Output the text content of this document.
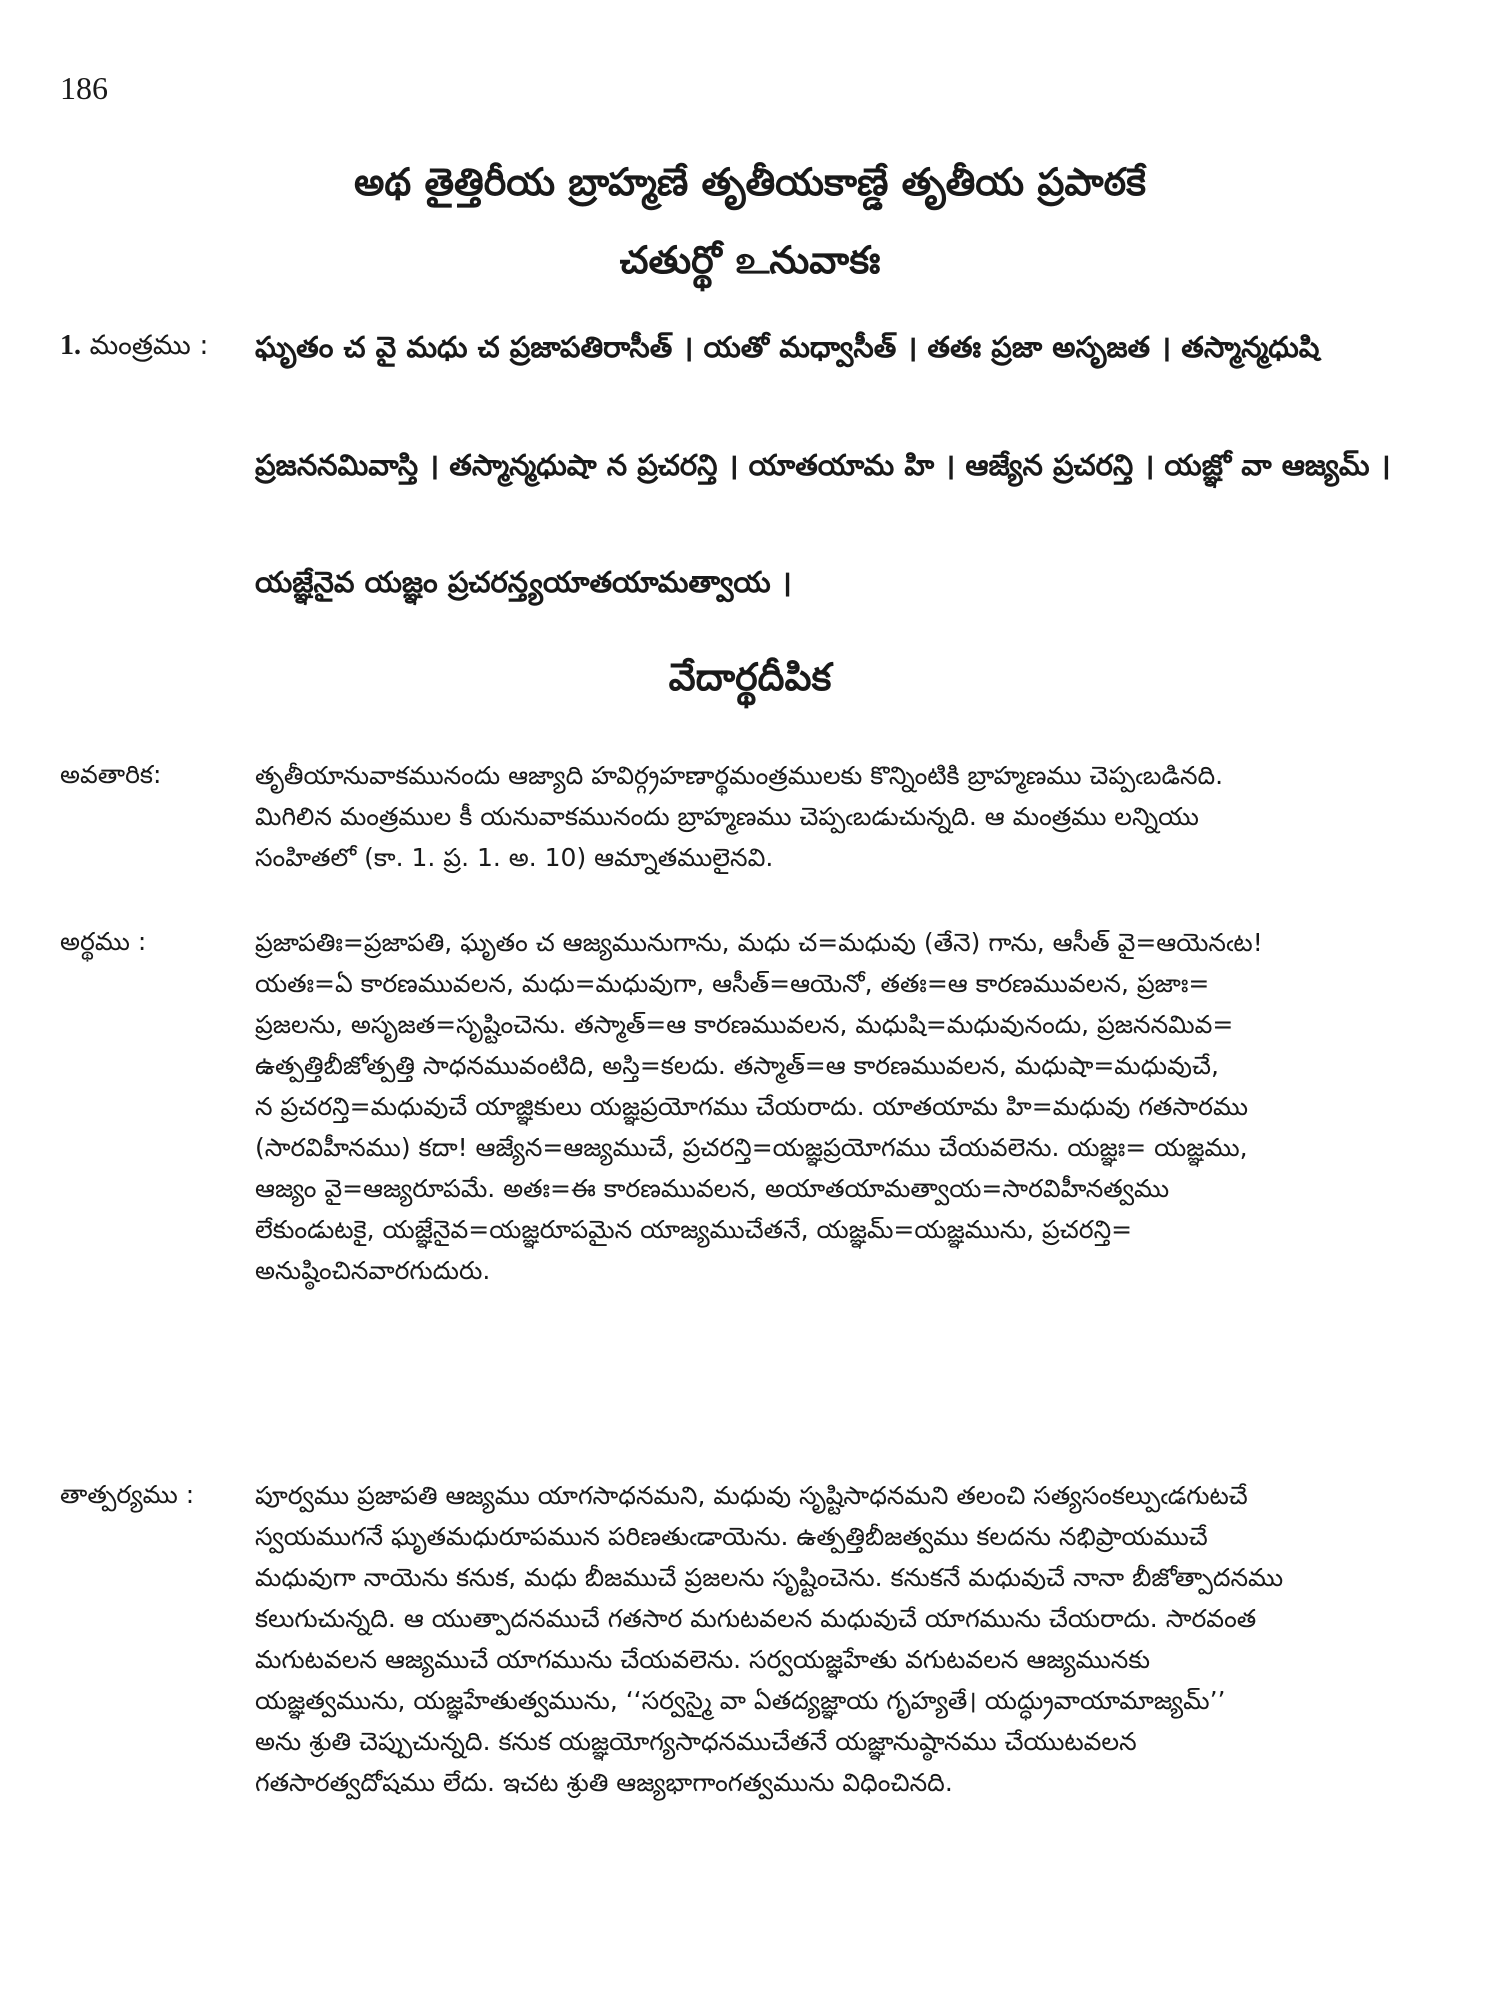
186
అథ తైత్తిరీయ బ్రాహ్మణే తృతీయకాణ్డే తృతీయ ప్రపాఠకే
చతుర్థో உనువాకః
1. మంత్రము : ఘృతం చ వై మధు చ ప్రజాపతిరాసీత్ । యతో మధ్వాసీత్ । తతః ప్రజా అసృజత । తస్మాన్మధుషి
ప్రజననమివాస్తి । తస్మాన్మధుషా న ప్రచరన్తి । యాతయామ హి । ఆజ్యేన ప్రచరన్తి । యజ్ఞో వా ఆజ్యమ్ ।
యజ్ఞేనైవ యజ్ఞం ప్రచరన్త్యయాతయామత్వాయ ।
వేదార్థదీపిక
అవతారిక:	తృతీయానువాకమునందు ఆజ్యాది హవిర్గ్రహణార్థమంత్రములకు కొన్నింటికి బ్రాహ్మణము చెప్పఁబడినది.
మిగిలిన మంత్రముల కీ యనువాకమునందు బ్రాహ్మణము చెప్పఁబడుచున్నది. ఆ మంత్రము లన్నియు
సంహితలో (కా. 1. ప్ర. 1. అ. 10) ఆమ్నాతములైనవి.
అర్థము :	ప్రజాపతిః=ప్రజాపతి, ఘృతం చ ఆజ్యమునుగాను, మధు చ=మధువు (తేనె) గాను, ఆసీత్ వై=ఆయెనఁట!
యతః=ఏ కారణమువలన, మధు=మధువుగా, ఆసీత్=ఆయెనో, తతః=ఆ కారణమువలన, ప్రజాః=
ప్రజలను, అసృజత=సృష్టించెను. తస్మాత్=ఆ కారణమువలన, మధుషి=మధువునందు, ప్రజననమివ=
ఉత్పత్తిబీజోత్పత్తి సాధనమువంటిది, అస్తి=కలదు. తస్మాత్=ఆ కారణమువలన, మధుషా=మధువుచే,
న ప్రచరన్తి=మధువుచే యాజ్ఞికులు యజ్ఞప్రయోగము చేయరాదు. యాతయామ హి=మధువు గతసారము
(సారవిహీనము) కదా! ఆజ్యేన=ఆజ్యముచే, ప్రచరన్తి=యజ్ఞప్రయోగము చేయవలెను. యజ్ఞః= యజ్ఞము,
ఆజ్యం వై=ఆజ్యరూపమే. అతః=ఈ కారణమువలన, అయాతయామత్వాయ=సారవిహీనత్వము
లేకుండుటకై, యజ్ఞేనైవ=యజ్ఞరూపమైన యాజ్యముచేతనే, యజ్ఞమ్=యజ్ఞమును, ప్రచరన్తి=
అనుష్ఠించినవారగుదురు.
తాత్పర్యము : పూర్వము ప్రజాపతి ఆజ్యము యాగసాధనమని, మధువు సృష్టిసాధనమని తలంచి సత్యసంకల్పుఁడగుటచే
స్వయముగనే ఘృతమధురూపమున పరిణతుఁడాయెను. ఉత్పత్తిబీజత్వము కలదను నభిప్రాయముచే
మధువుగా నాయెను కనుక, మధు బీజముచే ప్రజలను సృష్టించెను. కనుకనే మధువుచే నానా బీజోత్పాదనము
కలుగుచున్నది. ఆ యుత్పాదనముచే గతసార మగుటవలన మధువుచే యాగమును చేయరాదు. సారవంత
మగుటవలన ఆజ్యముచే యాగమును చేయవలెను. సర్వయజ్ఞహేతు వగుటవలన ఆజ్యమునకు
యజ్ఞత్వమును, యజ్ఞహేతుత్వమును, ‘‘సర్వస్మై వా ఏతద్యజ్ఞాయ గృహ్యతే। యద్ధ్రువాయామాజ్యమ్’’
అను శ్రుతి చెప్పుచున్నది. కనుక యజ్ఞయోగ్యసాధనముచేతనే యజ్ఞానుష్ఠానము చేయుటవలన
గతసారత్వదోషము లేదు. ఇచట శ్రుతి ఆజ్యభాగాంగత్వమును విధించినది.
